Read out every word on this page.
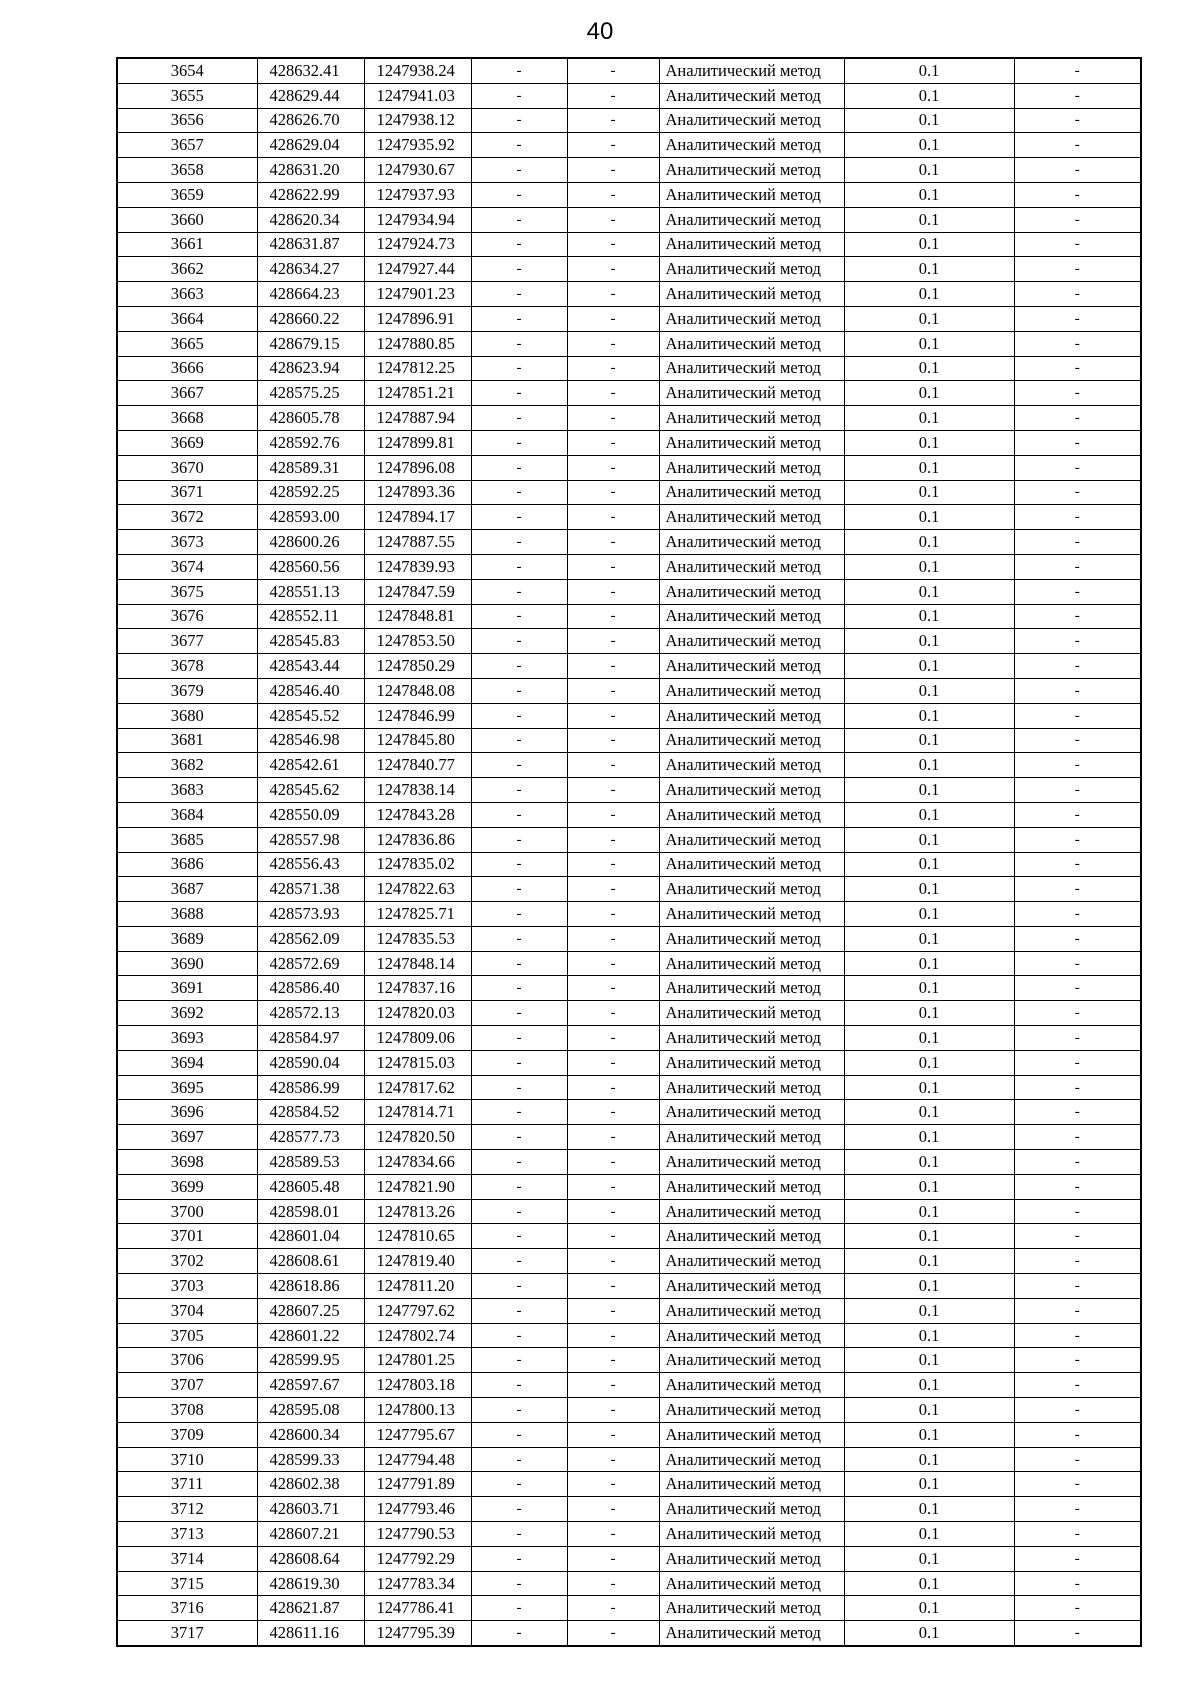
40
3654	428632.41	1247938.24	-	-	Аналитический метод	0.1	-
3655	428629.44	1247941.03	-	-	Аналитический метод	0.1	-
3656	428626.70	1247938.12	-	-	Аналитический метод	0.1	-
3657	428629.04	1247935.92	-	-	Аналитический метод	0.1	-
3658	428631.20	1247930.67	-	-	Аналитический метод	0.1	-
3659	428622.99	1247937.93	-	-	Аналитический метод	0.1	-
3660	428620.34	1247934.94	-	-	Аналитический метод	0.1	-
3661	428631.87	1247924.73	-	-	Аналитический метод	0.1	-
3662	428634.27	1247927.44	-	-	Аналитический метод	0.1	-
3663	428664.23	1247901.23	-	-	Аналитический метод	0.1	-
3664	428660.22	1247896.91	-	-	Аналитический метод	0.1	-
3665	428679.15	1247880.85	-	-	Аналитический метод	0.1	-
3666	428623.94	1247812.25	-	-	Аналитический метод	0.1	-
3667	428575.25	1247851.21	-	-	Аналитический метод	0.1	-
3668	428605.78	1247887.94	-	-	Аналитический метод	0.1	-
3669	428592.76	1247899.81	-	-	Аналитический метод	0.1	-
3670	428589.31	1247896.08	-	-	Аналитический метод	0.1	-
3671	428592.25	1247893.36	-	-	Аналитический метод	0.1	-
3672	428593.00	1247894.17	-	-	Аналитический метод	0.1	-
3673	428600.26	1247887.55	-	-	Аналитический метод	0.1	-
3674	428560.56	1247839.93	-	-	Аналитический метод	0.1	-
3675	428551.13	1247847.59	-	-	Аналитический метод	0.1	-
3676	428552.11	1247848.81	-	-	Аналитический метод	0.1	-
3677	428545.83	1247853.50	-	-	Аналитический метод	0.1	-
3678	428543.44	1247850.29	-	-	Аналитический метод	0.1	-
3679	428546.40	1247848.08	-	-	Аналитический метод	0.1	-
3680	428545.52	1247846.99	-	-	Аналитический метод	0.1	-
3681	428546.98	1247845.80	-	-	Аналитический метод	0.1	-
3682	428542.61	1247840.77	-	-	Аналитический метод	0.1	-
3683	428545.62	1247838.14	-	-	Аналитический метод	0.1	-
3684	428550.09	1247843.28	-	-	Аналитический метод	0.1	-
3685	428557.98	1247836.86	-	-	Аналитический метод	0.1	-
3686	428556.43	1247835.02	-	-	Аналитический метод	0.1	-
3687	428571.38	1247822.63	-	-	Аналитический метод	0.1	-
3688	428573.93	1247825.71	-	-	Аналитический метод	0.1	-
3689	428562.09	1247835.53	-	-	Аналитический метод	0.1	-
3690	428572.69	1247848.14	-	-	Аналитический метод	0.1	-
3691	428586.40	1247837.16	-	-	Аналитический метод	0.1	-
3692	428572.13	1247820.03	-	-	Аналитический метод	0.1	-
3693	428584.97	1247809.06	-	-	Аналитический метод	0.1	-
3694	428590.04	1247815.03	-	-	Аналитический метод	0.1	-
3695	428586.99	1247817.62	-	-	Аналитический метод	0.1	-
3696	428584.52	1247814.71	-	-	Аналитический метод	0.1	-
3697	428577.73	1247820.50	-	-	Аналитический метод	0.1	-
3698	428589.53	1247834.66	-	-	Аналитический метод	0.1	-
3699	428605.48	1247821.90	-	-	Аналитический метод	0.1	-
3700	428598.01	1247813.26	-	-	Аналитический метод	0.1	-
3701	428601.04	1247810.65	-	-	Аналитический метод	0.1	-
3702	428608.61	1247819.40	-	-	Аналитический метод	0.1	-
3703	428618.86	1247811.20	-	-	Аналитический метод	0.1	-
3704	428607.25	1247797.62	-	-	Аналитический метод	0.1	-
3705	428601.22	1247802.74	-	-	Аналитический метод	0.1	-
3706	428599.95	1247801.25	-	-	Аналитический метод	0.1	-
3707	428597.67	1247803.18	-	-	Аналитический метод	0.1	-
3708	428595.08	1247800.13	-	-	Аналитический метод	0.1	-
3709	428600.34	1247795.67	-	-	Аналитический метод	0.1	-
3710	428599.33	1247794.48	-	-	Аналитический метод	0.1	-
3711	428602.38	1247791.89	-	-	Аналитический метод	0.1	-
3712	428603.71	1247793.46	-	-	Аналитический метод	0.1	-
3713	428607.21	1247790.53	-	-	Аналитический метод	0.1	-
3714	428608.64	1247792.29	-	-	Аналитический метод	0.1	-
3715	428619.30	1247783.34	-	-	Аналитический метод	0.1	-
3716	428621.87	1247786.41	-	-	Аналитический метод	0.1	-
3717	428611.16	1247795.39	-	-	Аналитический метод	0.1	-
